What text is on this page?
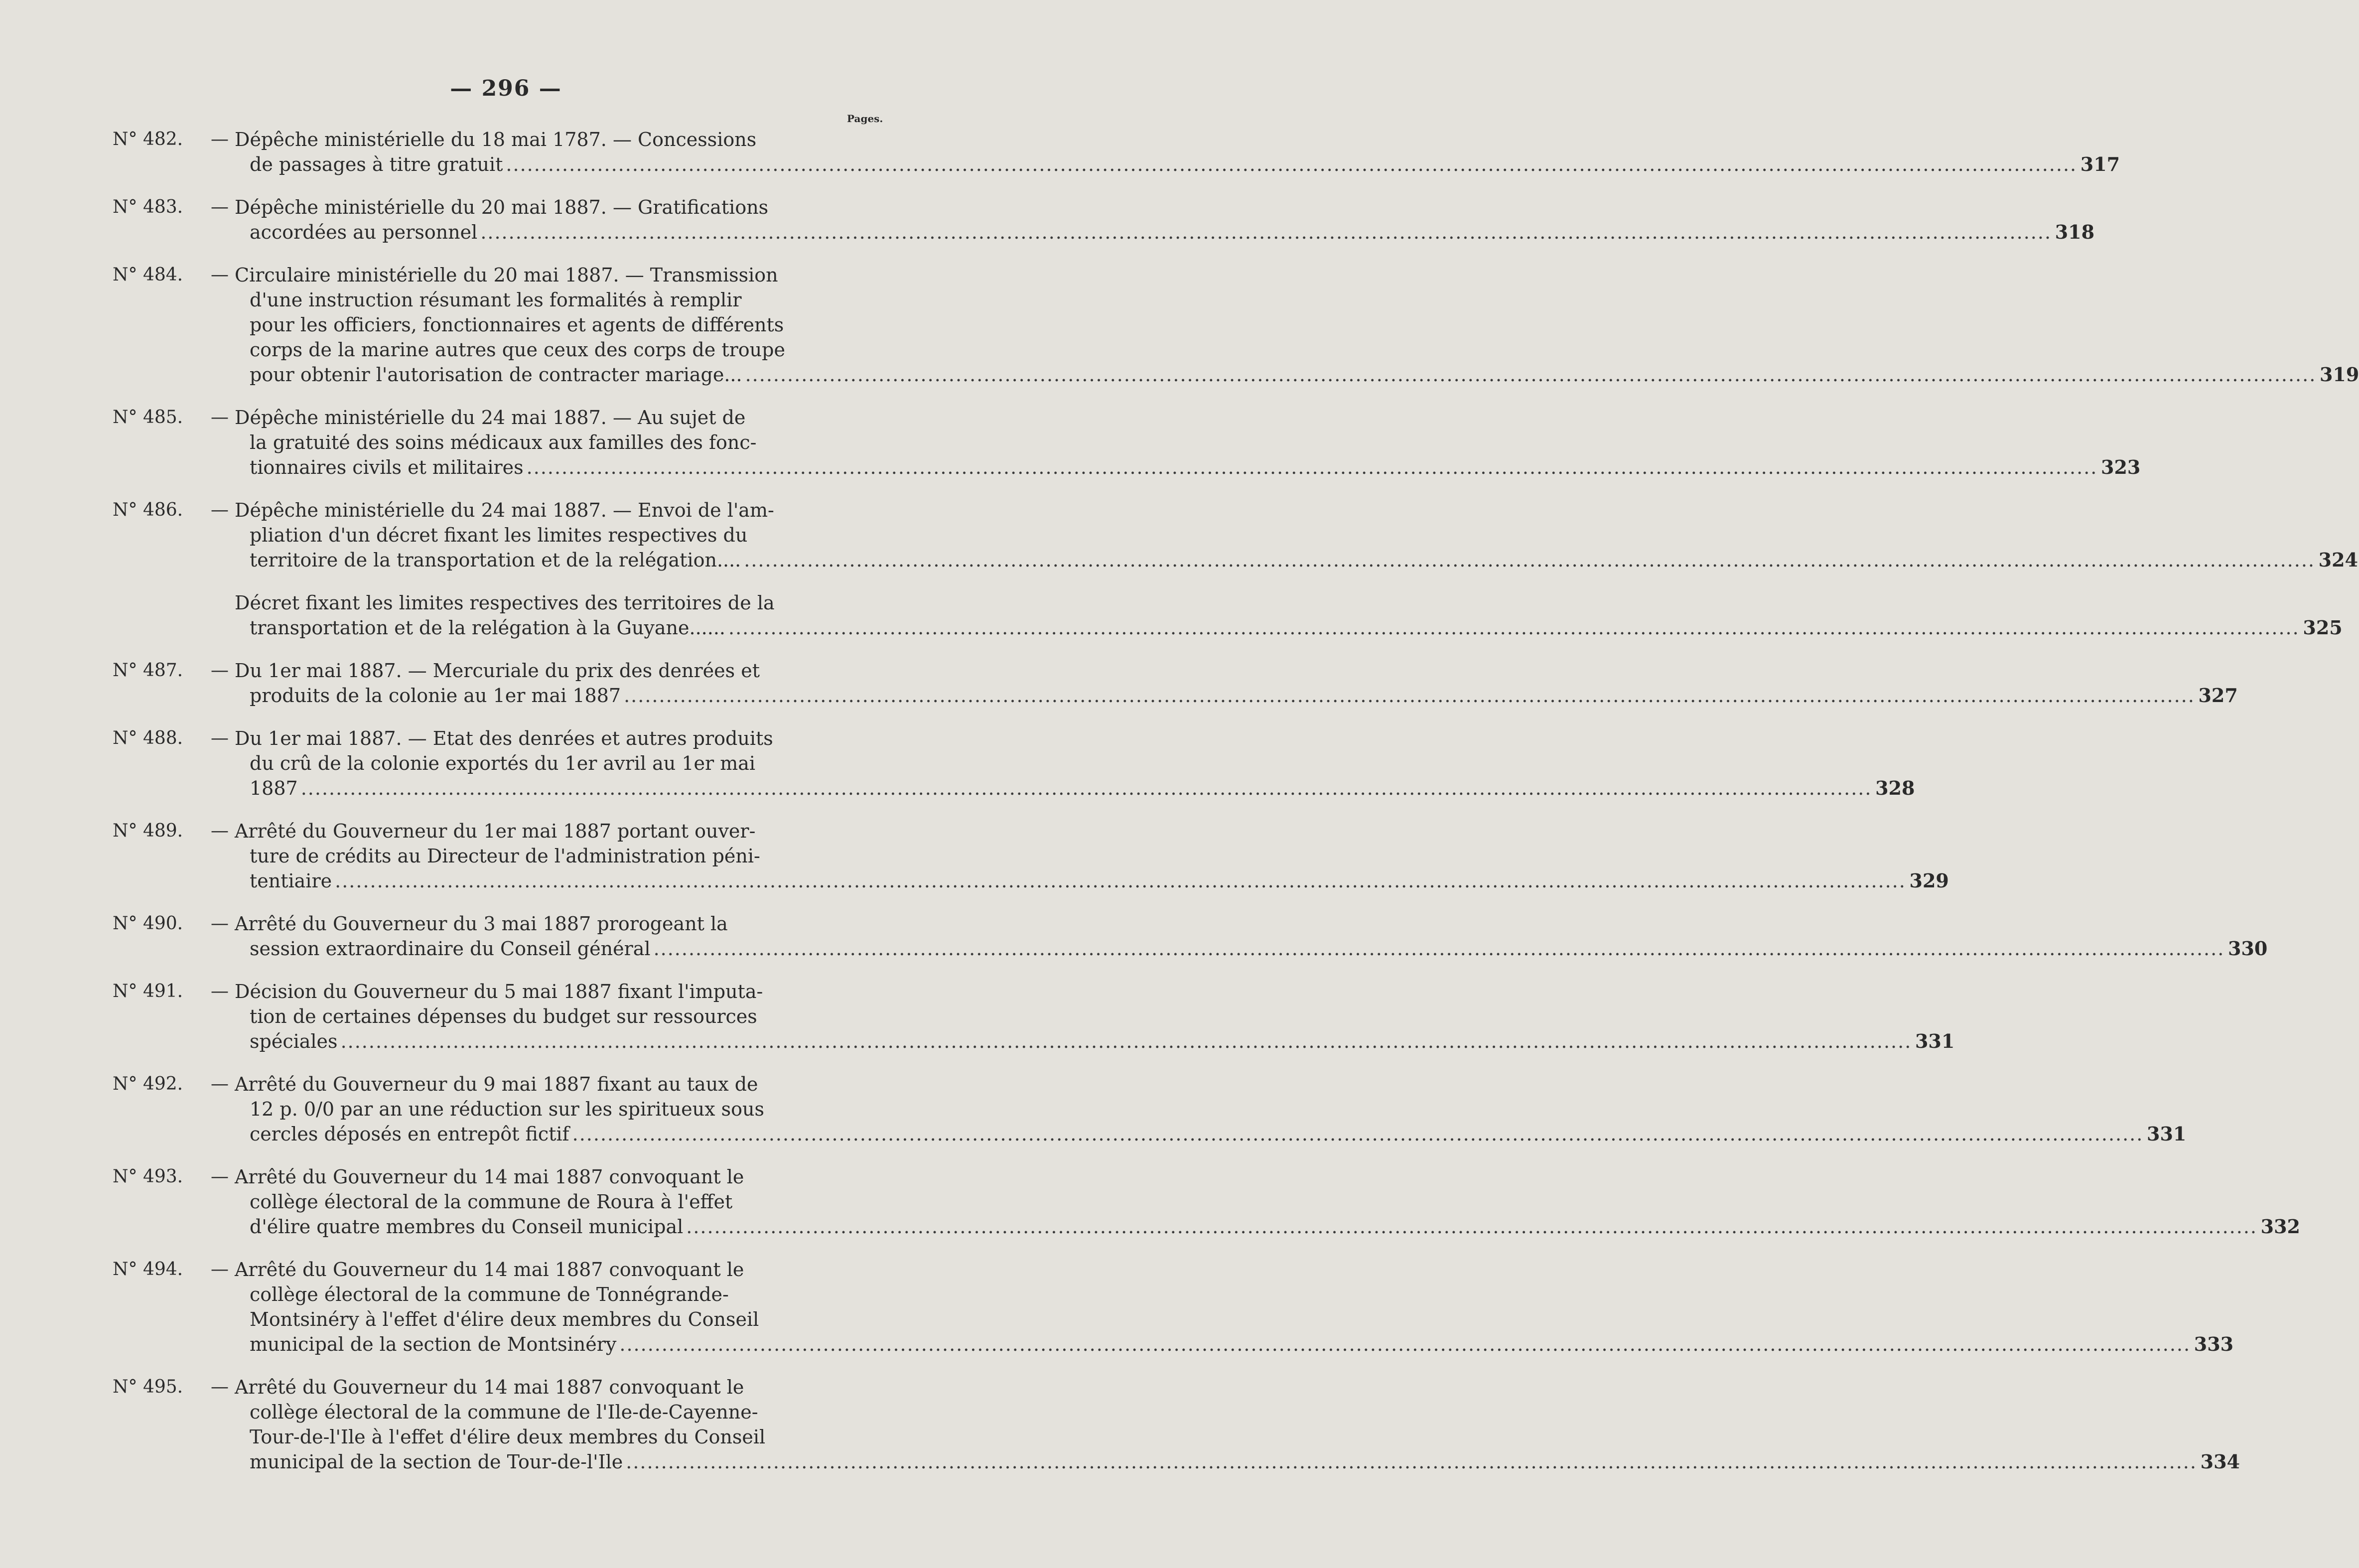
— 296 —
Pages.
N° 482.	— Dépêche ministérielle du 18 mai 1787. — Concessions
de passages à titre gratuit .....	317
N° 483.	— Dépêche ministérielle du 20 mai 1887. — Gratifications
accordées au personnel .....	318
N° 484.	— Circulaire ministérielle du 20 mai 1887. — Transmission
d'une instruction résumant les formalités à remplir
pour les officiers, fonctionnaires et agents de différents
corps de la marine autres que ceux des corps de troupe
pour obtenir l'autorisation de contracter mariage... .....	319
N° 485.	— Dépêche ministérielle du 24 mai 1887. — Au sujet de
la gratuité des soins médicaux aux familles des fonc-
tionnaires civils et militaires .....	323
N° 486.	— Dépêche ministérielle du 24 mai 1887. — Envoi de l'am-
pliation d'un décret fixant les limites respectives du
territoire de la transportation et de la relégation.... .....	324
Décret fixant les limites respectives des territoires de la
transportation et de la relégation à la Guyane...... .....	325
N° 487.	— Du 1er mai 1887. — Mercuriale du prix des denrées et
produits de la colonie au 1er mai 1887 .....	327
N° 488.	— Du 1er mai 1887. — Etat des denrées et autres produits
du crû de la colonie exportés du 1er avril au 1er mai
1887 .....	328
N° 489.	— Arrêté du Gouverneur du 1er mai 1887 portant ouver-
ture de crédits au Directeur de l'administration péni-
tentiaire .....	329
N° 490.	— Arrêté du Gouverneur du 3 mai 1887 prorogeant la
session extraordinaire du Conseil général .....	330
N° 491.	— Décision du Gouverneur du 5 mai 1887 fixant l'imputa-
tion de certaines dépenses du budget sur ressources
spéciales .....	331
N° 492.	— Arrêté du Gouverneur du 9 mai 1887 fixant au taux de
12 p. 0/0 par an une réduction sur les spiritueux sous
cercles déposés en entrepôt fictif .....	331
N° 493.	— Arrêté du Gouverneur du 14 mai 1887 convoquant le
collège électoral de la commune de Roura à l'effet
d'élire quatre membres du Conseil municipal .....	332
N° 494.	— Arrêté du Gouverneur du 14 mai 1887 convoquant le
collège électoral de la commune de Tonnégrande-
Montsinéry à l'effet d'élire deux membres du Conseil
municipal de la section de Montsinéry .....	333
N° 495.	— Arrêté du Gouverneur du 14 mai 1887 convoquant le
collège électoral de la commune de l'Ile-de-Cayenne-
Tour-de-l'Ile à l'effet d'élire deux membres du Conseil
municipal de la section de Tour-de-l'Ile .....	334
